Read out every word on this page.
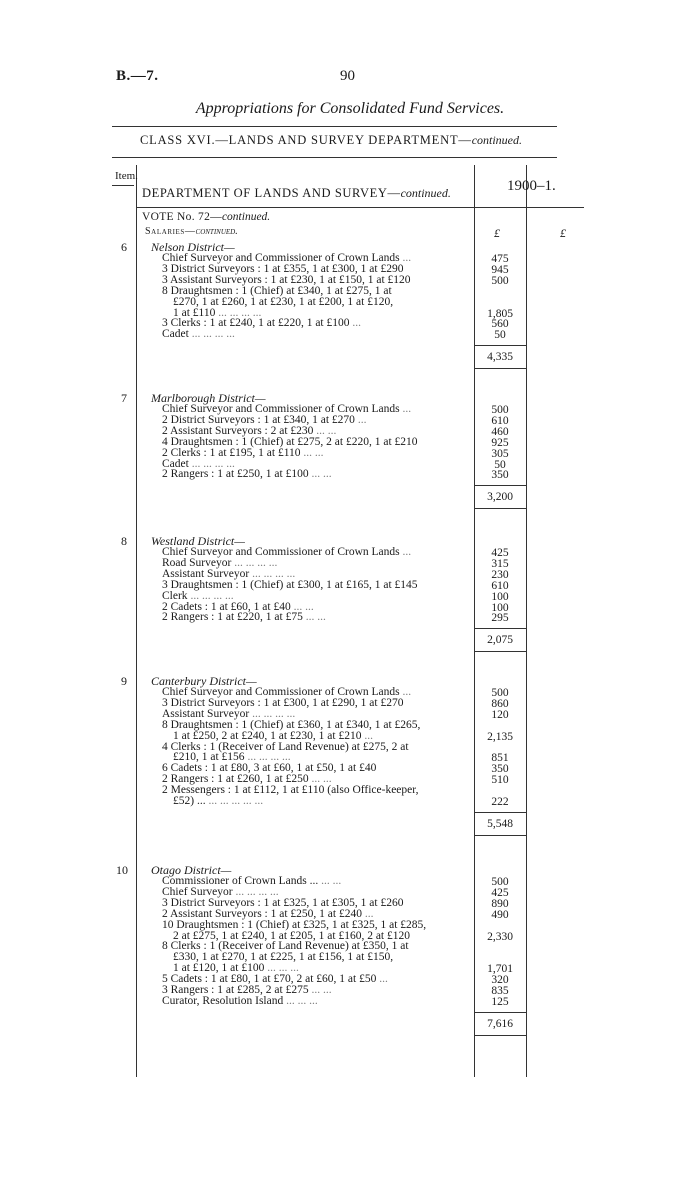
B.—7.	90
Appropriations for Consolidated Fund Services.
CLASS XVI.—LANDS AND SURVEY DEPARTMENT—continued.
Item.
DEPARTMENT OF LANDS AND SURVEY—continued.	1900–1.
VOTE No. 72—continued.
Salaries—continued.	£	£
6 Nelson District—
Chief Surveyor and Commissioner of Crown Lands ...	475
3 District Surveyors : 1 at £355, 1 at £300, 1 at £290	945
3 Assistant Surveyors : 1 at £230, 1 at £150, 1 at £120	500
8 Draughtsmen : 1 (Chief) at £340, 1 at £275, 1 at
£270, 1 at £260, 1 at £230, 1 at £200, 1 at £120,
1 at £110 ... ... ... ...	1,805
3 Clerks : 1 at £240, 1 at £220, 1 at £100 ...	560
Cadet ... ... ... ...	50
4,335
7 Marlborough District—
Chief Surveyor and Commissioner of Crown Lands ...	500
2 District Surveyors : 1 at £340, 1 at £270 ...	610
2 Assistant Surveyors : 2 at £230 ... ...	460
4 Draughtsmen : 1 (Chief) at £275, 2 at £220, 1 at £210	925
2 Clerks : 1 at £195, 1 at £110 ... ...	305
Cadet ... ... ... ...	50
2 Rangers : 1 at £250, 1 at £100 ... ...	350
3,200
8 Westland District—
Chief Surveyor and Commissioner of Crown Lands ...	425
Road Surveyor ... ... ... ...	315
Assistant Surveyor ... ... ... ...	230
3 Draughtsmen : 1 (Chief) at £300, 1 at £165, 1 at £145	610
Clerk ... ... ... ...	100
2 Cadets : 1 at £60, 1 at £40 ... ...	100
2 Rangers : 1 at £220, 1 at £75 ... ...	295
2,075
9 Canterbury District—
Chief Surveyor and Commissioner of Crown Lands ...	500
3 District Surveyors : 1 at £300, 1 at £290, 1 at £270	860
Assistant Surveyor ... ... ... ...	120
8 Draughtsmen : 1 (Chief) at £360, 1 at £340, 1 at £265,
1 at £250, 2 at £240, 1 at £230, 1 at £210 ...	2,135
4 Clerks : 1 (Receiver of Land Revenue) at £275, 2 at
£210, 1 at £156 ... ... ... ...	851
6 Cadets : 1 at £80, 3 at £60, 1 at £50, 1 at £40	350
2 Rangers : 1 at £260, 1 at £250 ... ...	510
2 Messengers : 1 at £112, 1 at £110 (also Office-keeper,
£52) ... ... ... ... ... ...	222
5,548
10 Otago District—
Commissioner of Crown Lands ... ... ...	500
Chief Surveyor ... ... ... ...	425
3 District Surveyors : 1 at £325, 1 at £305, 1 at £260	890
2 Assistant Surveyors : 1 at £250, 1 at £240 ...	490
10 Draughtsmen : 1 (Chief) at £325, 1 at £325, 1 at £285,
2 at £275, 1 at £240, 1 at £205, 1 at £160, 2 at £120	2,330
8 Clerks : 1 (Receiver of Land Revenue) at £350, 1 at
£330, 1 at £270, 1 at £225, 1 at £156, 1 at £150,
1 at £120, 1 at £100 ... ... ...	1,701
5 Cadets : 1 at £80, 1 at £70, 2 at £60, 1 at £50 ...	320
3 Rangers : 1 at £285, 2 at £275 ... ...	835
Curator, Resolution Island ... ... ...	125
7,616
